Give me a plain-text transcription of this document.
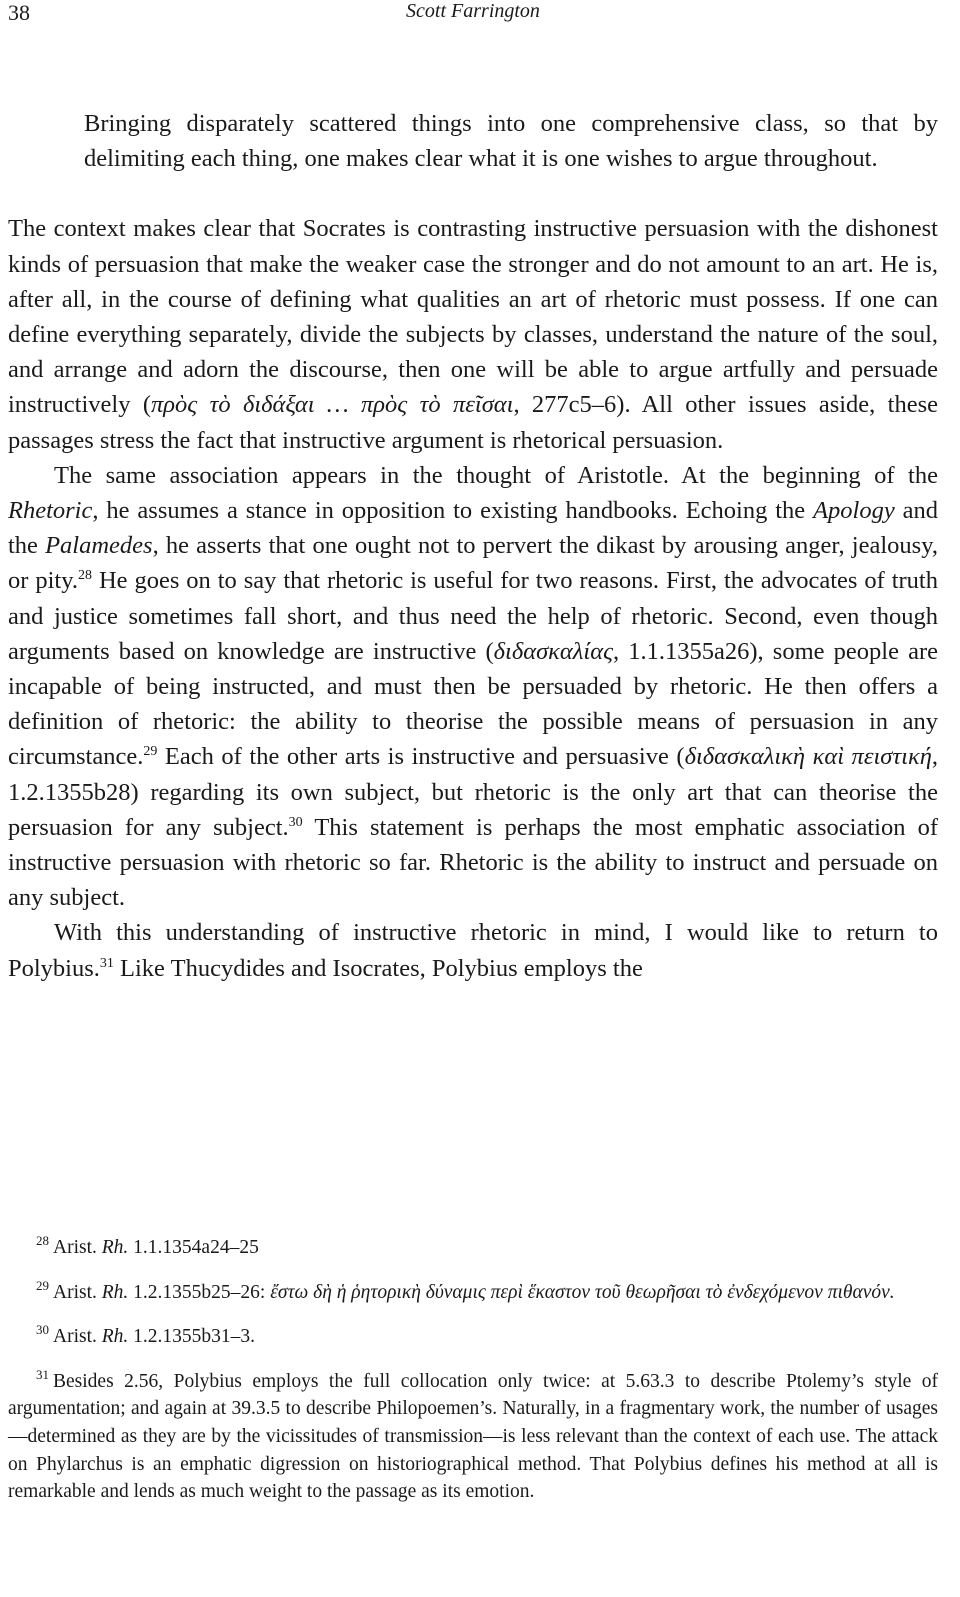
38	Scott Farrington

Bringing disparately scattered things into one comprehensive class, so that by delimiting each thing, one makes clear what it is one wishes to argue throughout.

The context makes clear that Socrates is contrasting instructive persuasion with the dishonest kinds of persuasion that make the weaker case the stronger and do not amount to an art. He is, after all, in the course of defining what qualities an art of rhetoric must possess. If one can define everything separately, divide the subjects by classes, understand the nature of the soul, and arrange and adorn the discourse, then one will be able to argue artfully and persuade instructively (πρὸς τὸ διδάξαι … πρὸς τὸ πεῖσαι, 277c5–6). All other issues aside, these passages stress the fact that instructive argument is rhetorical persuasion.

The same association appears in the thought of Aristotle. At the beginning of the Rhetoric, he assumes a stance in opposition to existing handbooks. Echoing the Apology and the Palamedes, he asserts that one ought not to pervert the dikast by arousing anger, jealousy, or pity.$^{28}$ He goes on to say that rhetoric is useful for two reasons. First, the advocates of truth and justice sometimes fall short, and thus need the help of rhetoric. Second, even though arguments based on knowledge are instructive (διδασκαλίας, 1.1.1355a26), some people are incapable of being instructed, and must then be persuaded by rhetoric. He then offers a definition of rhetoric: the ability to theorise the possible means of persuasion in any circumstance.$^{29}$ Each of the other arts is instructive and persuasive (διδασκαλικὴ καὶ πειστική, 1.2.1355b28) regarding its own subject, but rhetoric is the only art that can theorise the persuasion for any subject.$^{30}$ This statement is perhaps the most emphatic association of instructive persuasion with rhetoric so far. Rhetoric is the ability to instruct and persuade on any subject.

With this understanding of instructive rhetoric in mind, I would like to return to Polybius.$^{31}$ Like Thucydides and Isocrates, Polybius employs the

$^{28}$ Arist. Rh. 1.1.1354a24–25

$^{29}$ Arist. Rh. 1.2.1355b25–26: ἔστω δὴ ἡ ῥητορικὴ δύναμις περὶ ἕκαστον τοῦ θεωρῆσαι τὸ ἐνδεχόμενον πιθανόν.

$^{30}$ Arist. Rh. 1.2.1355b31–3.

$^{31}$ Besides 2.56, Polybius employs the full collocation only twice: at 5.63.3 to describe Ptolemy’s style of argumentation; and again at 39.3.5 to describe Philopoemen’s. Naturally, in a fragmentary work, the number of usages—determined as they are by the vicissitudes of transmission—is less relevant than the context of each use. The attack on Phylarchus is an emphatic digression on historiographical method. That Polybius defines his method at all is remarkable and lends as much weight to the passage as its emotion.
